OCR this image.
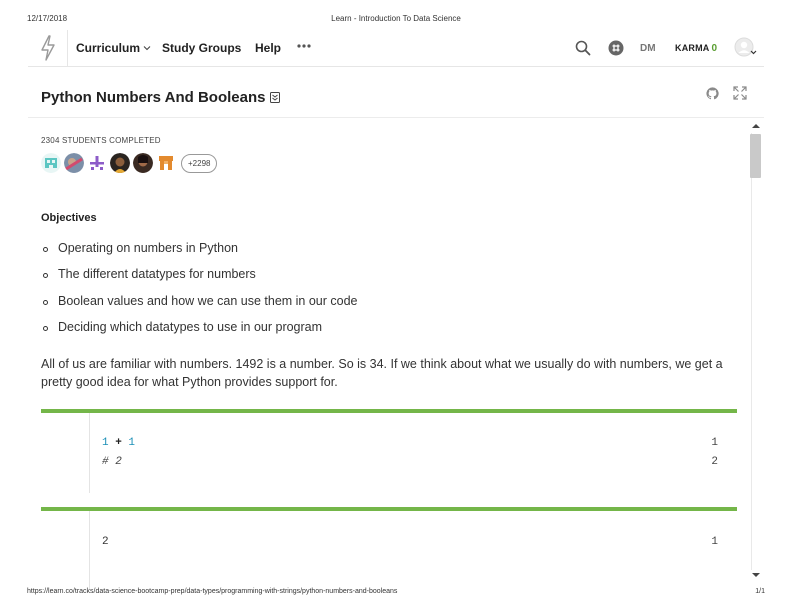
12/17/2018	Learn - Introduction To Data Science
Curriculum Study Groups Help	DM KARMA 0
Python Numbers And Booleans
2304 STUDENTS COMPLETED
+2298
Objectives
Operating on numbers in Python
The different datatypes for numbers
Boolean values and how we can use them in our code
Deciding which datatypes to use in our program

All of us are familiar with numbers. 1492 is a number. So is 34. If we think about what we usually do with numbers, we get a pretty good idea for what Python provides support for.

1
2
1 + 1
# 2
1
2
https://learn.co/tracks/data-science-bootcamp-prep/data-types/programming-with-strings/python-numbers-and-booleans	1/1
